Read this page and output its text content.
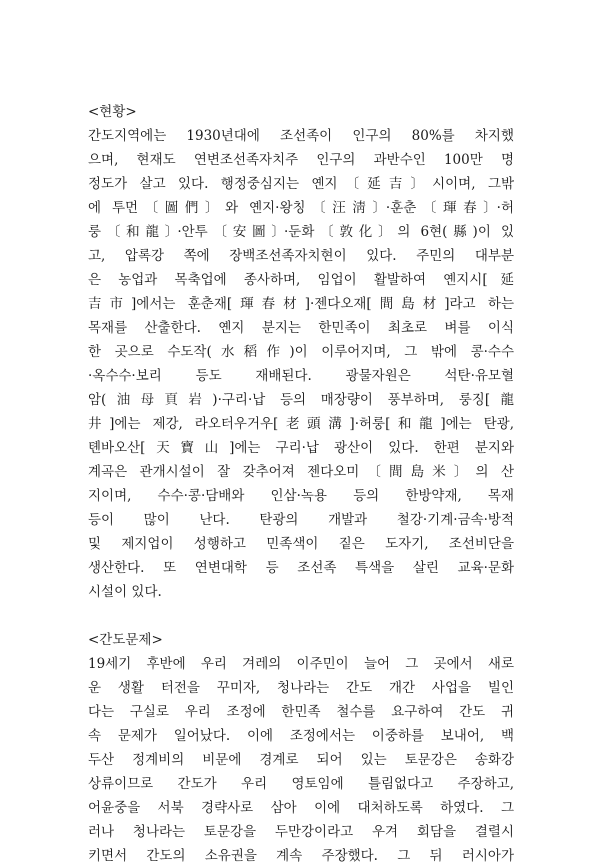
<현황>
간도지역에는 1930년대에 조선족이 인구의 80%를 차지했
으며, 현재도 연변조선족자치주 인구의 과반수인 100만 명
정도가 살고 있다. 행정중심지는 옌지〔延吉〕시이며, 그밖
에 투먼〔圖們〕와 옌지·왕칭〔汪淸〕·훈춘〔琿春〕·허
룽〔和龍〕·안투〔安圖〕·둔화〔敦化〕의 6현(縣)이 있
고, 압록강 쪽에 장백조선족자치현이 있다. 주민의 대부분
은 농업과 목축업에 종사하며, 임업이 활발하여 옌지시[延
吉市]에서는 훈춘재[琿春材]·젠다오재[間島材]라고 하는
목재를 산출한다. 옌지 분지는 한민족이 최초로 벼를 이식
한 곳으로 수도작(水稻作)이 이루어지며, 그 밖에 콩·수수
·옥수수·보리 등도 재배된다. 광물자원은 석탄·유모혈
암(油母頁岩)·구리·납 등의 매장량이 풍부하며, 룽징[龍
井]에는 제강, 라오터우거우[老頭溝]·허룽[和龍]에는 탄광,
톈바오산[天寶山]에는 구리·납 광산이 있다. 한편 분지와
계곡은 관개시설이 잘 갖추어져 젠다오미〔間島米〕의 산
지이며, 수수·콩·담배와 인삼·녹용 등의 한방약재, 목재
등이 많이 난다. 탄광의 개발과 철강·기계·금속·방적
및 제지업이 성행하고 민족색이 짙은 도자기, 조선비단을
생산한다. 또 연변대학 등 조선족 특색을 살린 교육·문화
시설이 있다.
<간도문제>
19세기 후반에 우리 겨레의 이주민이 늘어 그 곳에서 새로
운 생활 터전을 꾸미자, 청나라는 간도 개간 사업을 빌인
다는 구실로 우리 조정에 한민족 철수를 요구하여 간도 귀
속 문제가 일어났다. 이에 조정에서는 이중하를 보내어, 백
두산 정계비의 비문에 경계로 되어 있는 토문강은 송화강
상류이므로 간도가 우리 영토임에 틀림없다고 주장하고,
어윤중을 서북 경략사로 삼아 이에 대처하도록 하였다. 그
러나 청나라는 토문강을 두만강이라고 우겨 회담을 결렬시
키면서 간도의 소유권을 계속 주장했다. 그 뒤 러시아가
